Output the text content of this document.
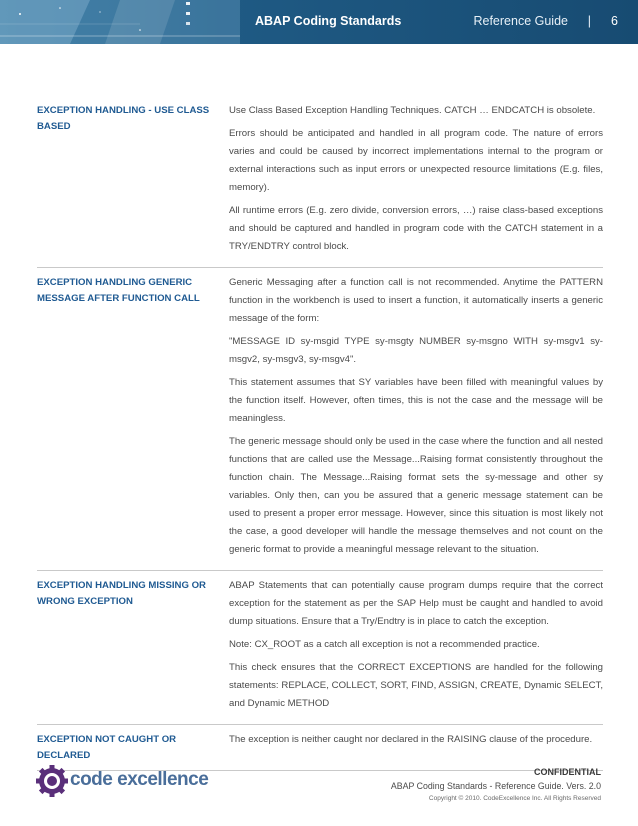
ABAP Coding Standards	Reference Guide | 6
EXCEPTION HANDLING - USE CLASS BASED

Use Class Based Exception Handling Techniques. CATCH … ENDCATCH is obsolete.

Errors should be anticipated and handled in all program code. The nature of errors varies and could be caused by incorrect implementations internal to the program or external interactions such as input errors or unexpected resource limitations (E.g. files, memory).

All runtime errors (E.g. zero divide, conversion errors, …) raise class-based exceptions and should be captured and handled in program code with the CATCH statement in a TRY/ENDTRY control block.

EXCEPTION HANDLING GENERIC MESSAGE AFTER FUNCTION CALL

Generic Messaging after a function call is not recommended. Anytime the PATTERN function in the workbench is used to insert a function, it automatically inserts a generic message of the form:

"MESSAGE ID sy-msgid TYPE sy-msgty NUMBER sy-msgno WITH sy-msgv1 sy-msgv2, sy-msgv3, sy-msgv4".

This statement assumes that SY variables have been filled with meaningful values by the function itself. However, often times, this is not the case and the message will be meaningless.

The generic message should only be used in the case where the function and all nested functions that are called use the Message...Raising format consistently throughout the function chain. The Message...Raising format sets the sy-message and other sy variables. Only then, can you be assured that a generic message statement can be used to present a proper error message. However, since this situation is most likely not the case, a good developer will handle the message themselves and not count on the generic format to provide a meaningful message relevant to the situation.

EXCEPTION HANDLING MISSING OR WRONG EXCEPTION

ABAP Statements that can potentially cause program dumps require that the correct exception for the statement as per the SAP Help must be caught and handled to avoid dump situations. Ensure that a Try/Endtry is in place to catch the exception.

Note: CX_ROOT as a catch all exception is not a recommended practice.

This check ensures that the CORRECT EXCEPTIONS are handled for the following statements: REPLACE, COLLECT, SORT, FIND, ASSIGN, CREATE, Dynamic SELECT, and Dynamic METHOD

EXCEPTION NOT CAUGHT OR DECLARED

The exception is neither caught nor declared in the RAISING clause of the procedure.

code excellence	CONFIDENTIAL
ABAP Coding Standards - Reference Guide. Vers. 2.0
Copyright © 2010. CodeExcellence Inc. All Rights Reserved
